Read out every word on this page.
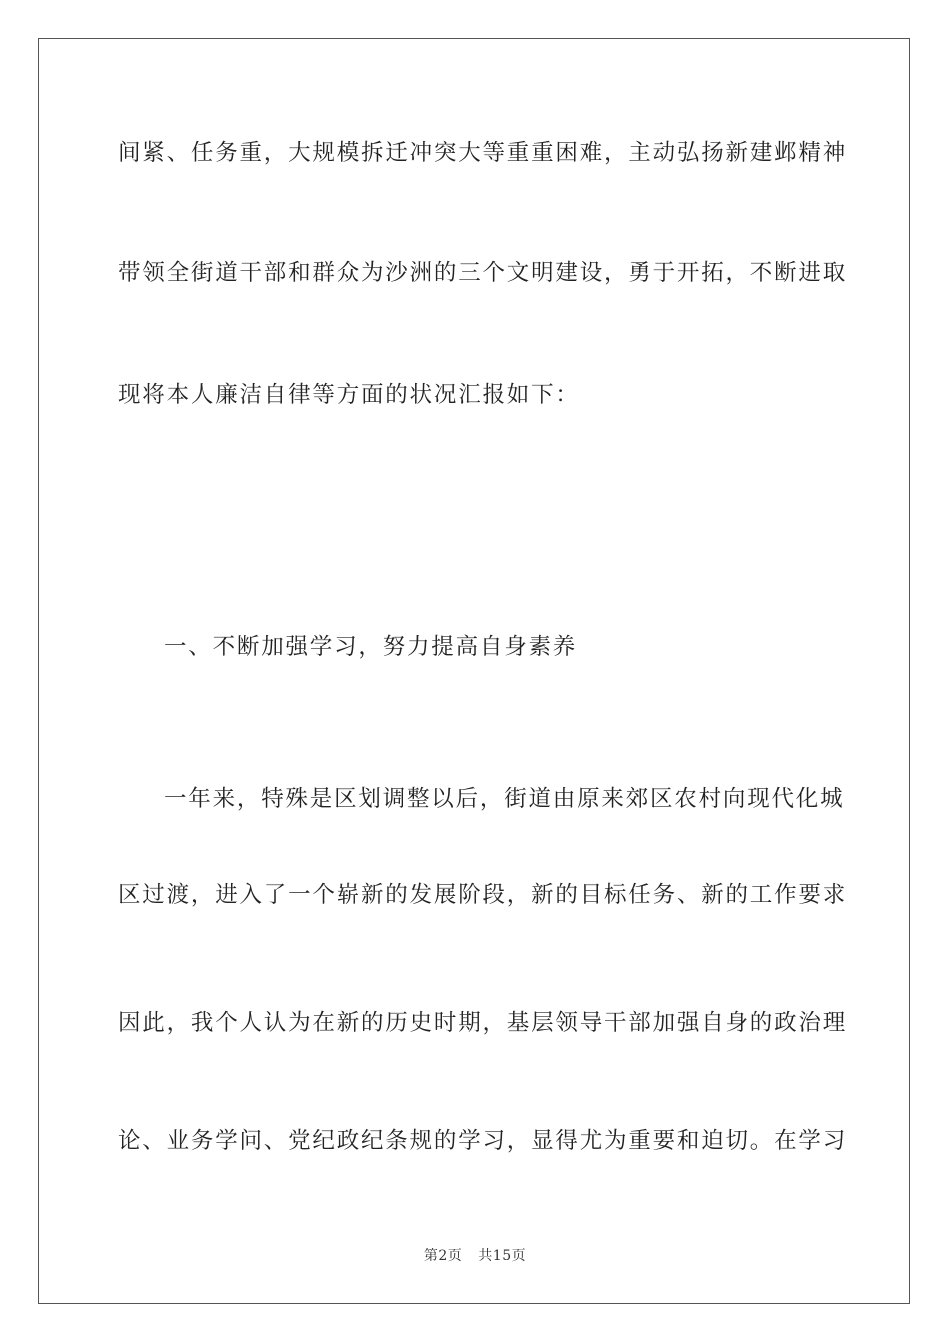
间紧、任务重，大规模拆迁冲突大等重重困难，主动弘扬新建邺精神
带领全街道干部和群众为沙洲的三个文明建设，勇于开拓，不断进取
现将本人廉洁自律等方面的状况汇报如下：
一、不断加强学习，努力提高自身素养
一年来，特殊是区划调整以后，街道由原来郊区农村向现代化城
区过渡，进入了一个崭新的发展阶段，新的目标任务、新的工作要求
因此，我个人认为在新的历史时期，基层领导干部加强自身的政治理
论、业务学问、党纪政纪条规的学习，显得尤为重要和迫切。在学习
第2页 共15页
